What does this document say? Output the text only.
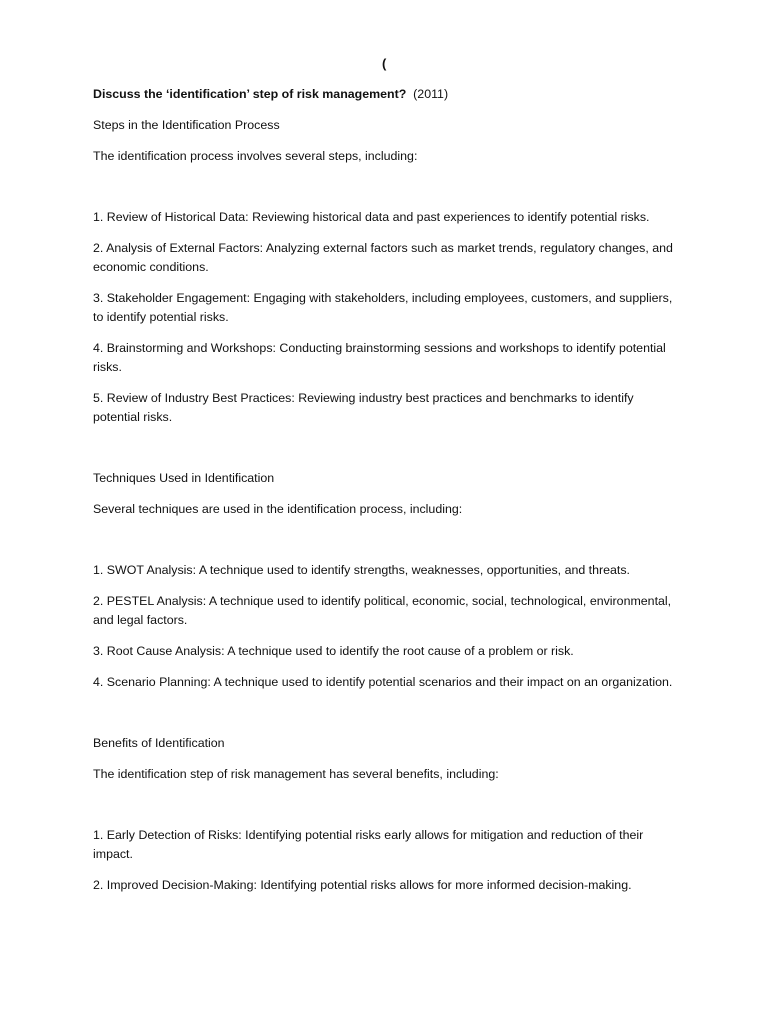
(

Discuss the ‘identification’ step of risk management? (2011)

Steps in the Identification Process

The identification process involves several steps, including:

1. Review of Historical Data: Reviewing historical data and past experiences to identify potential risks.

2. Analysis of External Factors: Analyzing external factors such as market trends, regulatory changes, and economic conditions.

3. Stakeholder Engagement: Engaging with stakeholders, including employees, customers, and suppliers, to identify potential risks.

4. Brainstorming and Workshops: Conducting brainstorming sessions and workshops to identify potential risks.

5. Review of Industry Best Practices: Reviewing industry best practices and benchmarks to identify potential risks.

Techniques Used in Identification

Several techniques are used in the identification process, including:

1. SWOT Analysis: A technique used to identify strengths, weaknesses, opportunities, and threats.

2. PESTEL Analysis: A technique used to identify political, economic, social, technological, environmental, and legal factors.

3. Root Cause Analysis: A technique used to identify the root cause of a problem or risk.

4. Scenario Planning: A technique used to identify potential scenarios and their impact on an organization.

Benefits of Identification

The identification step of risk management has several benefits, including:

1. Early Detection of Risks: Identifying potential risks early allows for mitigation and reduction of their impact.

2. Improved Decision-Making: Identifying potential risks allows for more informed decision-making.
